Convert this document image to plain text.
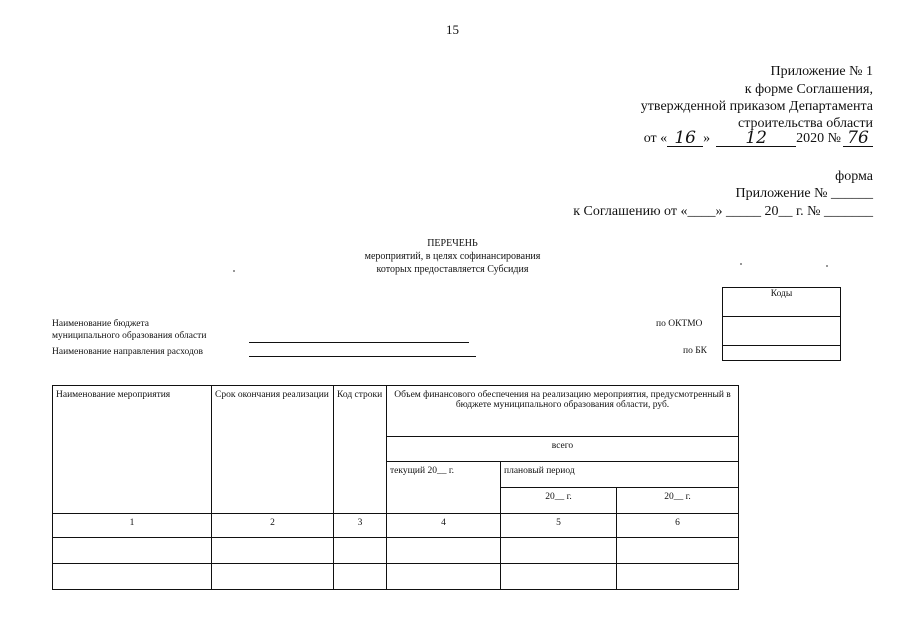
15
Приложение № 1
к форме Соглашения,
утвержденной приказом Департамента
строительства области
от « 16 »	12	2020 № 76
форма
Приложение № ______
к Соглашению от «____» _____ 20__ г. № _______
ПЕРЕЧЕНЬ
мероприятий, в целях софинансирования
которых предоставляется Субсидия
Коды

по ОКТМО
по БК
Наименование бюджета
муниципального образования области
Наименование направления расходов
Наименование мероприятия	Срок окончания реализации	Код строки	Объем финансового обеспечения на реализацию мероприятия, предусмотренный в бюджете муниципального образования области, руб.		
			всего		
			текущий 20__ г.	плановый период	
				20__ г.	20__ г.
1	2	3	4	5	6
